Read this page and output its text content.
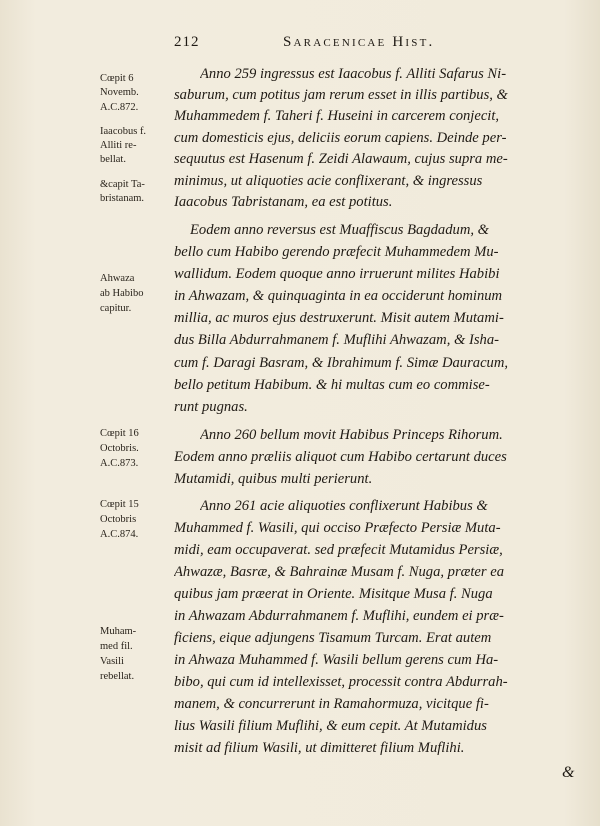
212	Saracenicae Hist.
Cœpit 6
Novemb.
A.C.872.
Iaacobus f.
Alliti re-
bellat.
&capit Ta-
bristanam.
Ahwaza
ab Habibo
capitur.
Cœpit 16
Octobris.
A.C.873.
Cœpit 15
Octobris
A.C.874.
Muham-
med fil.
Vasili
rebellat.
Anno 259 ingressus est Iaacobus f. Alliti Safarus Ni-
saburum, cum potitus jam rerum esset in illis partibus, &
Muhammedem f. Taheri f. Huseini in carcerem conjecit,
cum domesticis ejus, deliciis eorum capiens. Deinde per-
sequutus est Hasenum f. Zeidi Alawaum, cujus supra me-
minimus, ut aliquoties acie conflixerant, & ingressus
Iaacobus Tabristanam, ea est potitus.
Eodem anno reversus est Muaffiscus Bagdadum, &
bello cum Habibo gerendo præfecit Muhammedem Mu-
wallidum. Eodem quoque anno irruerunt milites Habibi
in Ahwazam, & quinquaginta in ea occiderunt hominum
millia, ac muros ejus destruxerunt. Misit autem Mutami-
dus Billa Abdurrahmanem f. Muflihi Ahwazam, & Isha-
cum f. Daragi Basram, & Ibrahimum f. Simæ Dauracum,
bello petitum Habibum. & hi multas cum eo commise-
runt pugnas.
Anno 260 bellum movit Habibus Princeps Rihorum.
Eodem anno præliis aliquot cum Habibo certarunt duces
Mutamidi, quibus multi perierunt.
Anno 261 acie aliquoties conflixerunt Habibus &
Muhammed f. Wasili, qui occiso Præfecto Persiæ Muta-
midi, eam occupaverat. sed præfecit Mutamidus Persiæ,
Ahwazæ, Basræ, & Bahrainæ Musam f. Nuga, præter ea
quibus jam præerat in Oriente. Misitque Musa f. Nuga
in Ahwazam Abdurrahmanem f. Muflihi, eundem ei præ-
ficiens, eique adjungens Tisamum Turcam. Erat autem
in Ahwaza Muhammed f. Wasili bellum gerens cum Ha-
bibo, qui cum id intellexisset, processit contra Abdurrah-
manem, & concurrerunt in Ramahormuza, vicitque fi-
lius Wasili filium Muflihi, & eum cepit. At Mutamidus
misit ad filium Wasili, ut dimitteret filium Muflihi.
&
